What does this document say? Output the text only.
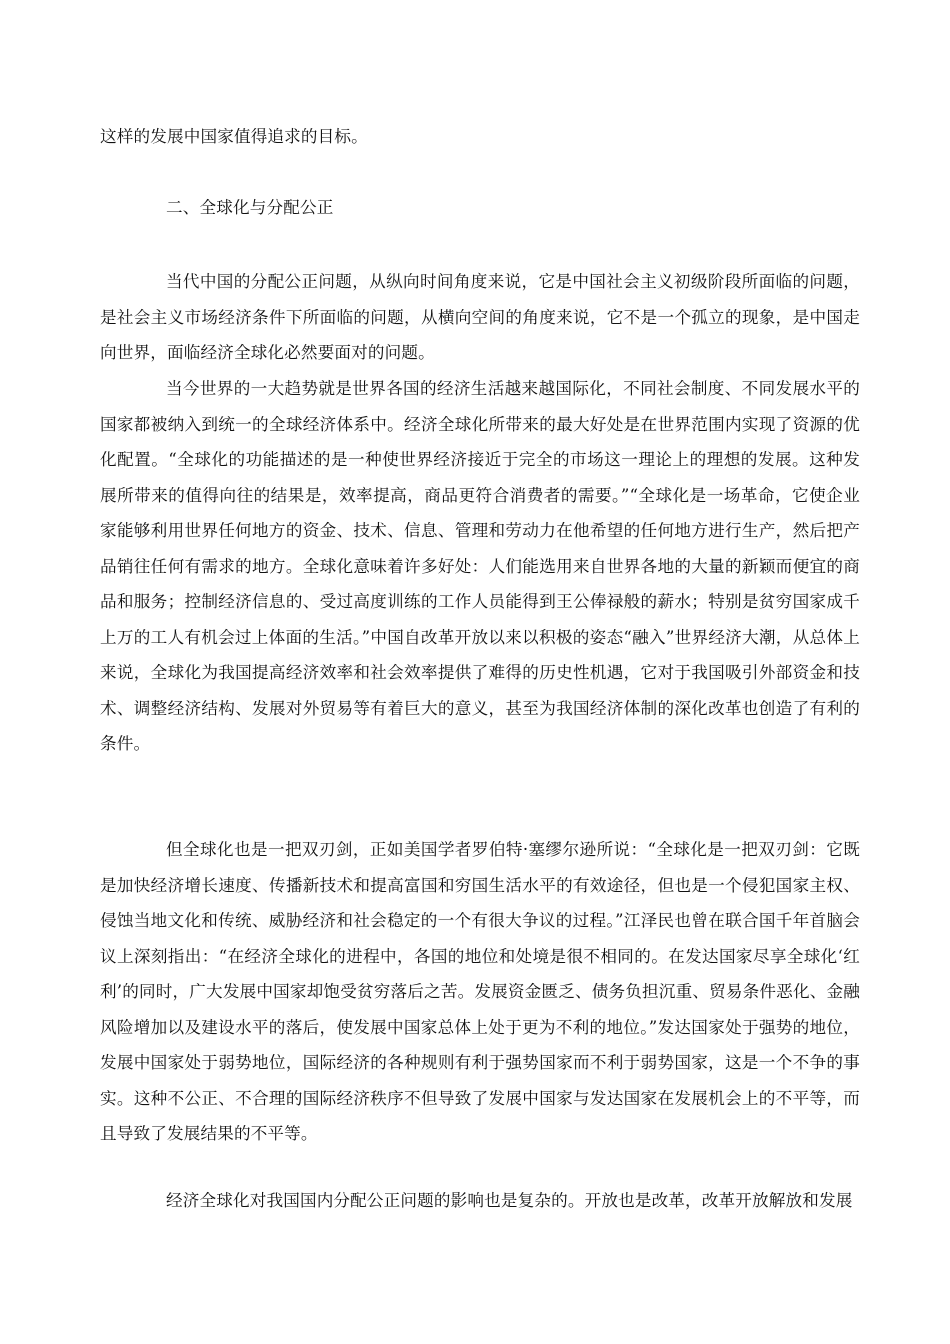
这样的发展中国家值得追求的目标。

二、全球化与分配公正

当代中国的分配公正问题，从纵向时间角度来说，它是中国社会主义初级阶段所面临的问题，是社会主义市场经济条件下所面临的问题，从横向空间的角度来说，它不是一个孤立的现象，是中国走向世界，面临经济全球化必然要面对的问题。

当今世界的一大趋势就是世界各国的经济生活越来越国际化，不同社会制度、不同发展水平的国家都被纳入到统一的全球经济体系中。经济全球化所带来的最大好处是在世界范围内实现了资源的优化配置。“全球化的功能描述的是一种使世界经济接近于完全的市场这一理论上的理想的发展。这种发展所带来的值得向往的结果是，效率提高，商品更符合消费者的需要。”“全球化是一场革命，它使企业家能够利用世界任何地方的资金、技术、信息、管理和劳动力在他希望的任何地方进行生产，然后把产品销往任何有需求的地方。全球化意味着许多好处：人们能选用来自世界各地的大量的新颖而便宜的商品和服务；控制经济信息的、受过高度训练的工作人员能得到王公俸禄般的薪水；特别是贫穷国家成千上万的工人有机会过上体面的生活。”中国自改革开放以来以积极的姿态“融入”世界经济大潮，从总体上来说，全球化为我国提高经济效率和社会效率提供了难得的历史性机遇，它对于我国吸引外部资金和技术、调整经济结构、发展对外贸易等有着巨大的意义，甚至为我国经济体制的深化改革也创造了有利的条件。

但全球化也是一把双刃剑，正如美国学者罗伯特·塞缪尔逊所说：“全球化是一把双刃剑：它既是加快经济增长速度、传播新技术和提高富国和穷国生活水平的有效途径，但也是一个侵犯国家主权、侵蚀当地文化和传统、威胁经济和社会稳定的一个有很大争议的过程。”江泽民也曾在联合国千年首脑会议上深刻指出：“在经济全球化的进程中，各国的地位和处境是很不相同的。在发达国家尽享全球化‘红利’的同时，广大发展中国家却饱受贫穷落后之苦。发展资金匮乏、债务负担沉重、贸易条件恶化、金融风险增加以及建设水平的落后，使发展中国家总体上处于更为不利的地位。”发达国家处于强势的地位，发展中国家处于弱势地位，国际经济的各种规则有利于强势国家而不利于弱势国家，这是一个不争的事实。这种不公正、不合理的国际经济秩序不但导致了发展中国家与发达国家在发展机会上的不平等，而且导致了发展结果的不平等。

经济全球化对我国国内分配公正问题的影响也是复杂的。开放也是改革，改革开放解放和发展
